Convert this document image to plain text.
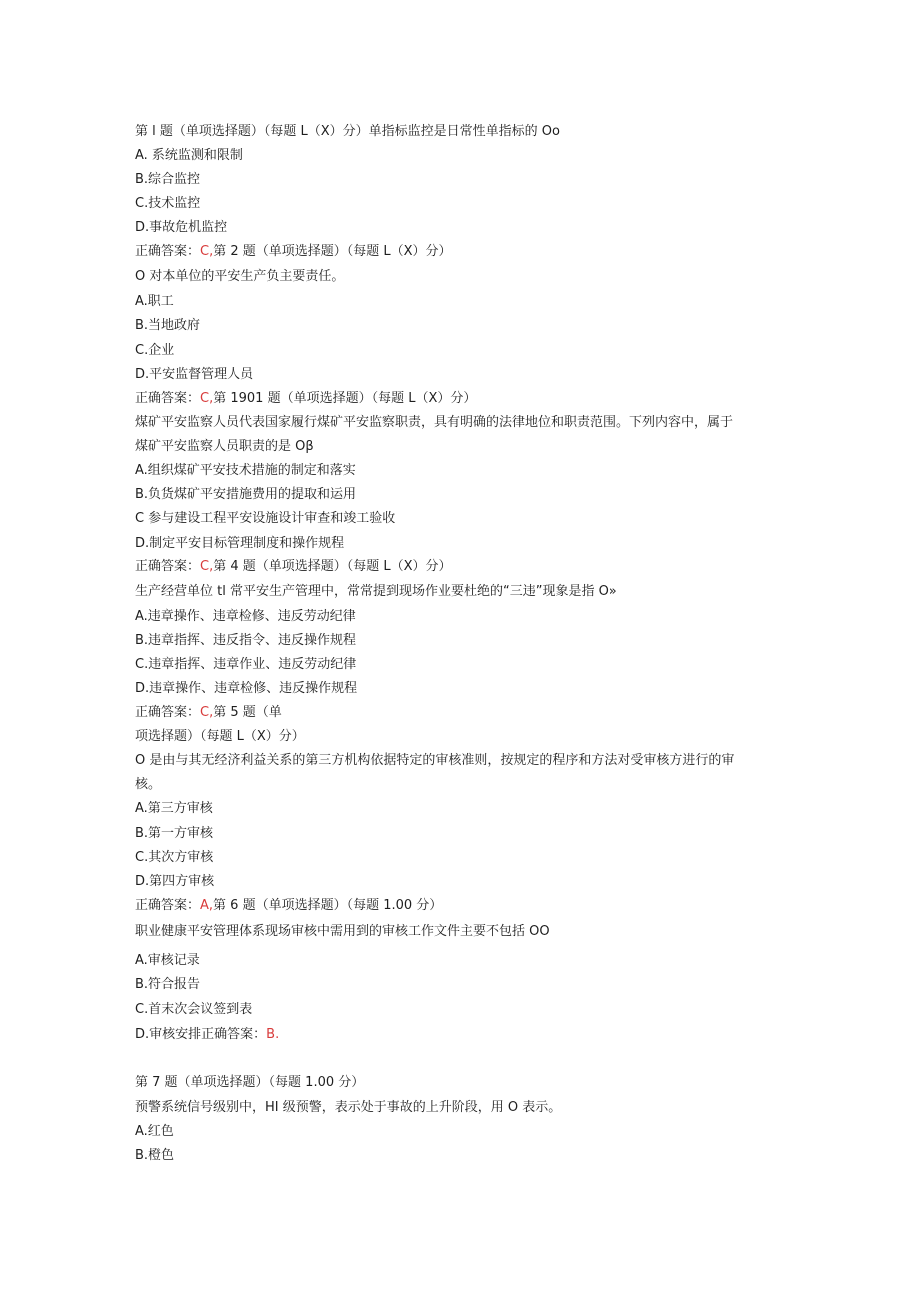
第 l 题（单项选择题）（每题 L（X）分）单指标监控是日常性单指标的 Oo
A. 系统监测和限制
B.综合监控
C.技术监控
D.事故危机监控
正确答案：C,第 2 题（单项选择题）（每题 L（X）分）
O 对本单位的平安生产负主要责任。
A.职工
B.当地政府
C.企业
D.平安监督管理人员
正确答案：C,第 1901 题（单项选择题）（每题 L（X）分）
煤矿平安监察人员代表国家履行煤矿平安监察职责，具有明确的法律地位和职责范围。下列内容中，属于
煤矿平安监察人员职责的是 Oβ
A.组织煤矿平安技术措施的制定和落实
B.负货煤矿平安措施费用的提取和运用
C 参与建设工程平安设施设计审查和竣工验收
D.制定平安目标管理制度和操作规程
正确答案：C,第 4 题（单项选择题）（每题 L（X）分）
生产经营单位 tl 常平安生产管理中，常常提到现场作业要杜绝的“三违”现象是指 O»
A.违章操作、违章检修、违反劳动纪律
B.违章指挥、违反指令、违反操作规程
C.违章指挥、违章作业、违反劳动纪律
D.违章操作、违章检修、违反操作规程
正确答案：C,第 5 题（单
项选择题）（每题 L（X）分）
O 是由与其无经济利益关系的第三方机构依据特定的审核准则，按规定的程序和方法对受审核方进行的审
核。
A.第三方审核
B.第一方审核
C.其次方审核
D.第四方审核
正确答案：A,第 6 题（单项选择题）（每题 1.00 分）
职业健康平安管理体系现场审核中需用到的审核工作文件主要不包括 OO
A.审核记录
B.符合报告
C.首末次会议签到表
D.审核安排正确答案：B.
第 7 题（单项选择题）（每题 1.00 分）
预警系统信号级别中，HI 级预警，表示处于事故的上升阶段，用 O 表示。
A.红色
B.橙色
